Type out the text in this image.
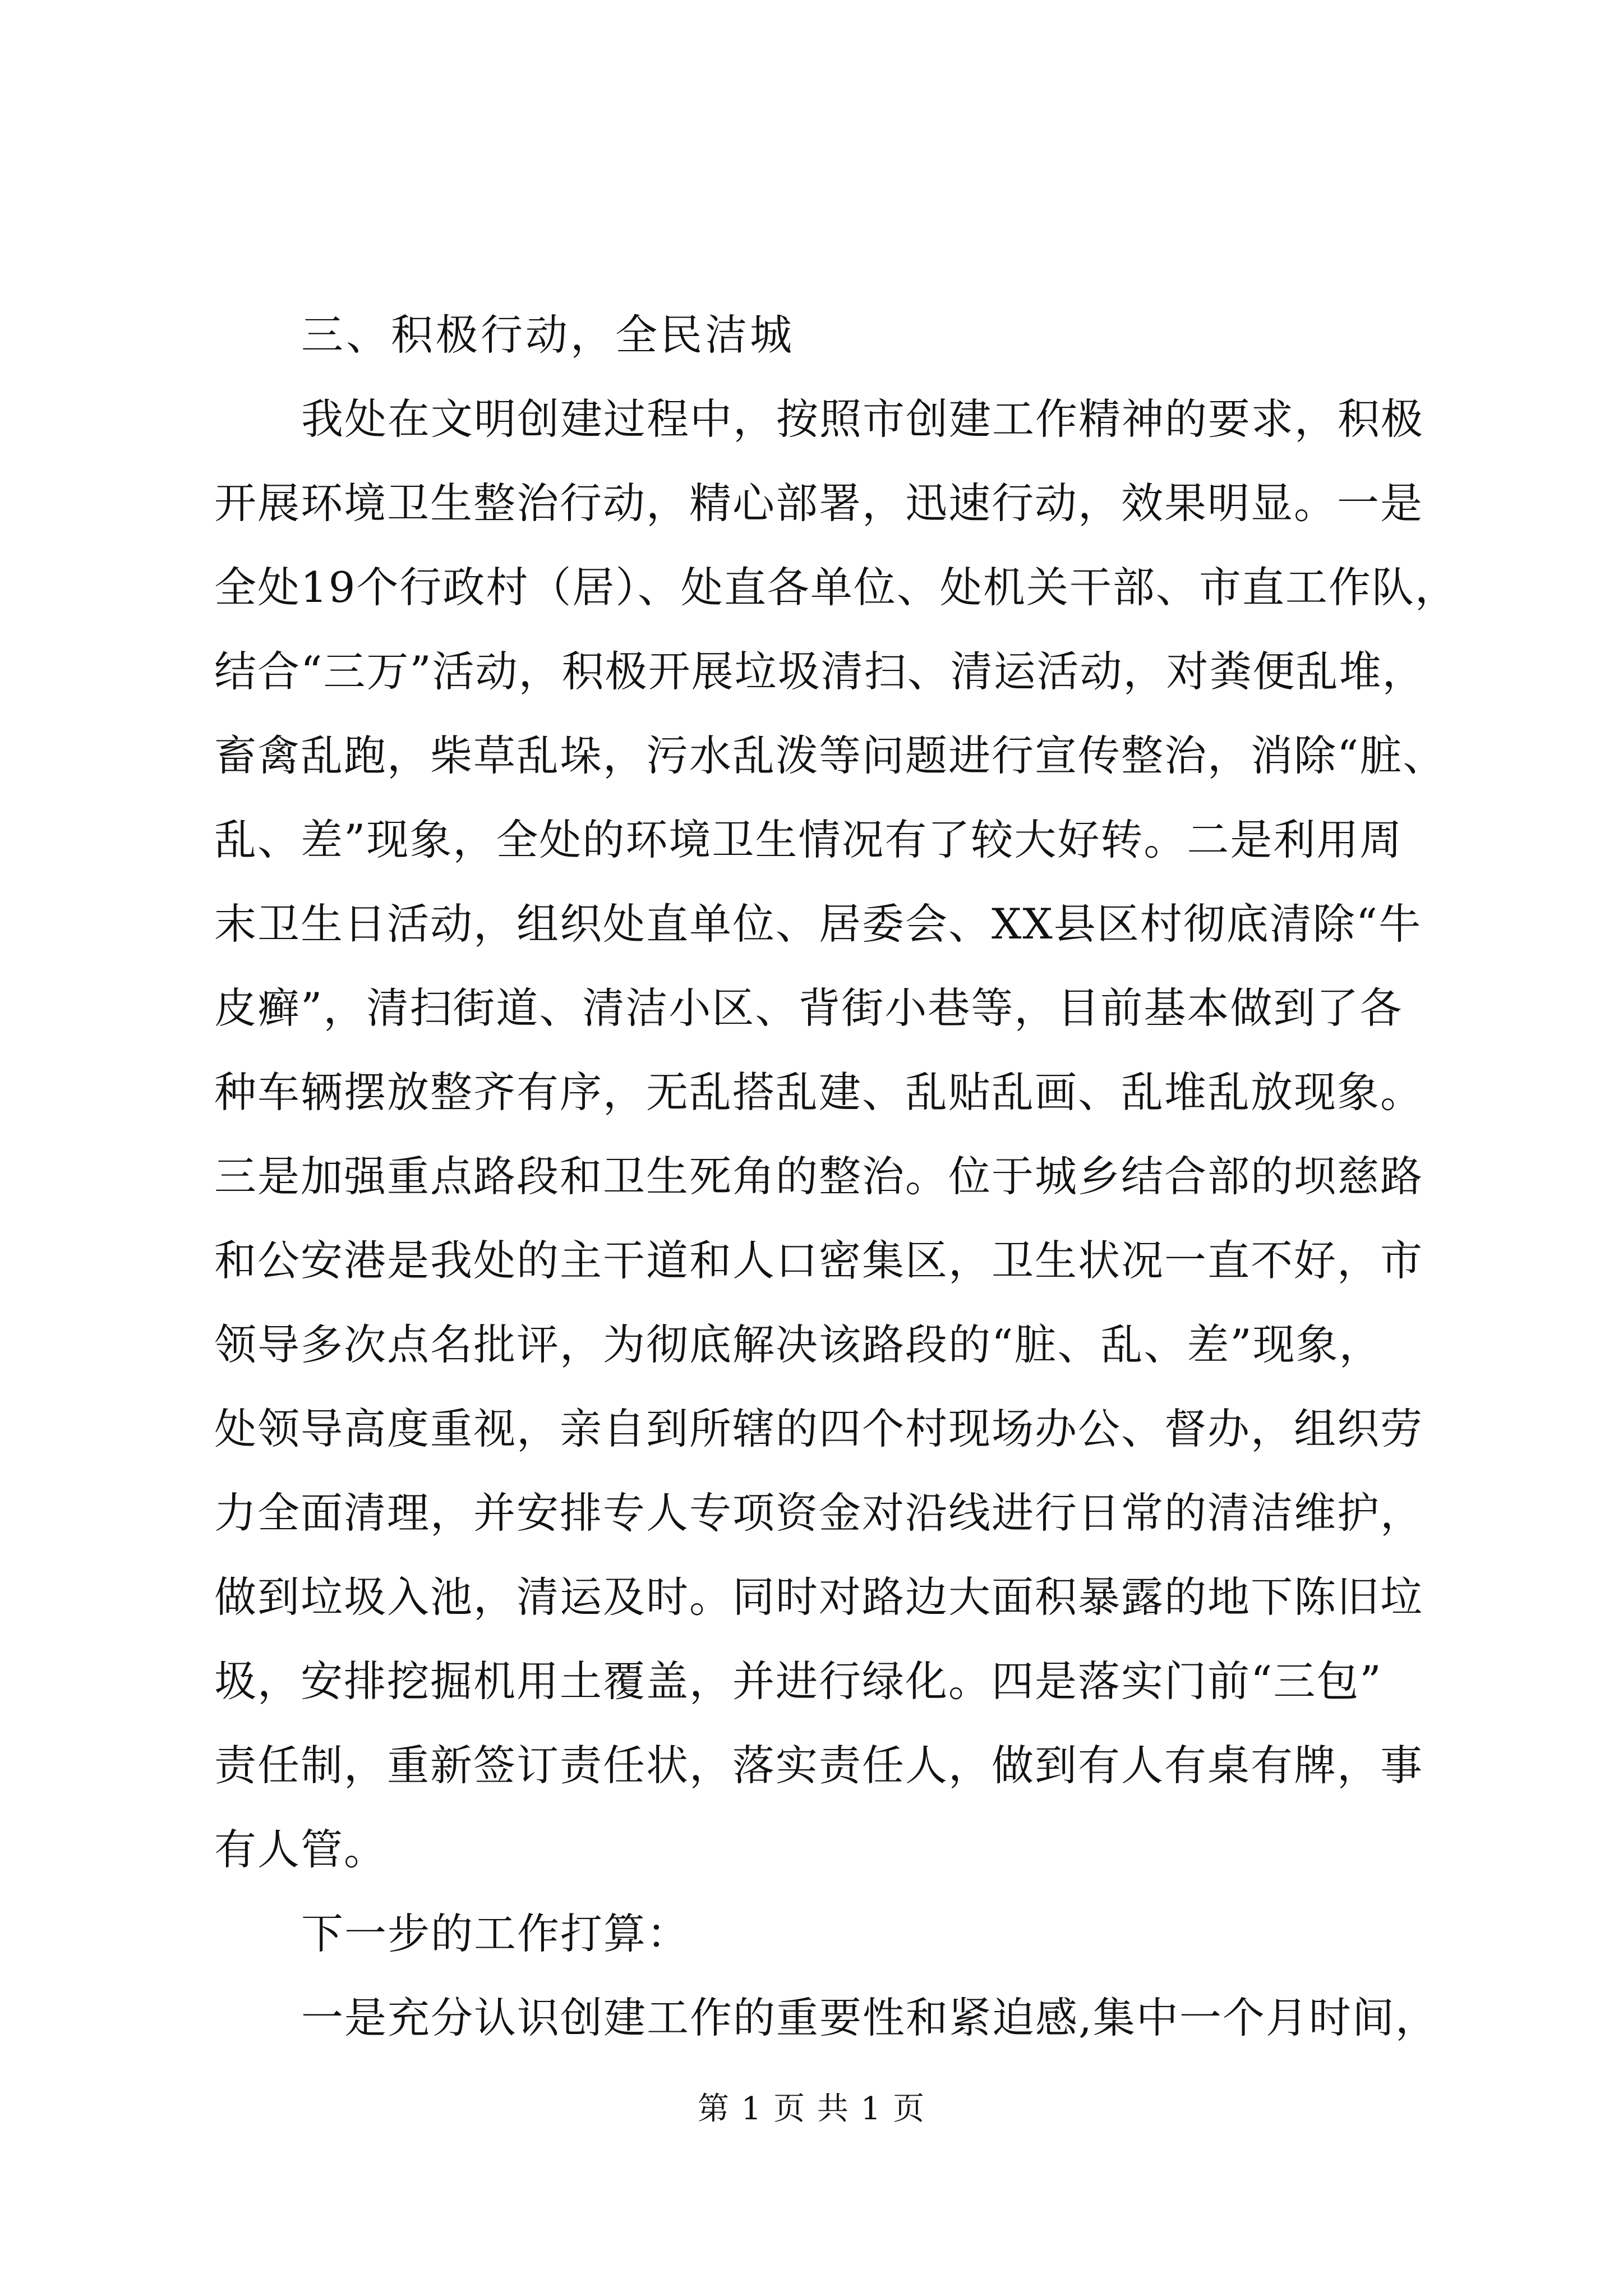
三、积极行动，全民洁城
我处在文明创建过程中，按照市创建工作精神的要求，积极
开展环境卫生整治行动，精心部署，迅速行动，效果明显。一是
全处19个行政村（居）、处直各单位、处机关干部、市直工作队，
结合“三万”活动，积极开展垃圾清扫、清运活动，对粪便乱堆，
畜禽乱跑，柴草乱垛，污水乱泼等问题进行宣传整治，消除“脏、
乱、差”现象，全处的环境卫生情况有了较大好转。二是利用周
末卫生日活动，组织处直单位、居委会、XX县区村彻底清除“牛
皮癣”，清扫街道、清洁小区、背街小巷等，目前基本做到了各
种车辆摆放整齐有序，无乱搭乱建、乱贴乱画、乱堆乱放现象。
三是加强重点路段和卫生死角的整治。位于城乡结合部的坝慈路
和公安港是我处的主干道和人口密集区，卫生状况一直不好，市
领导多次点名批评，为彻底解决该路段的“脏、乱、差”现象，
处领导高度重视，亲自到所辖的四个村现场办公、督办，组织劳
力全面清理，并安排专人专项资金对沿线进行日常的清洁维护，
做到垃圾入池，清运及时。同时对路边大面积暴露的地下陈旧垃
圾，安排挖掘机用土覆盖，并进行绿化。四是落实门前“三包”
责任制，重新签订责任状，落实责任人，做到有人有桌有牌，事
有人管。
下一步的工作打算：
一是充分认识创建工作的重要性和紧迫感,集中一个月时间，
第 1 页 共 1 页
